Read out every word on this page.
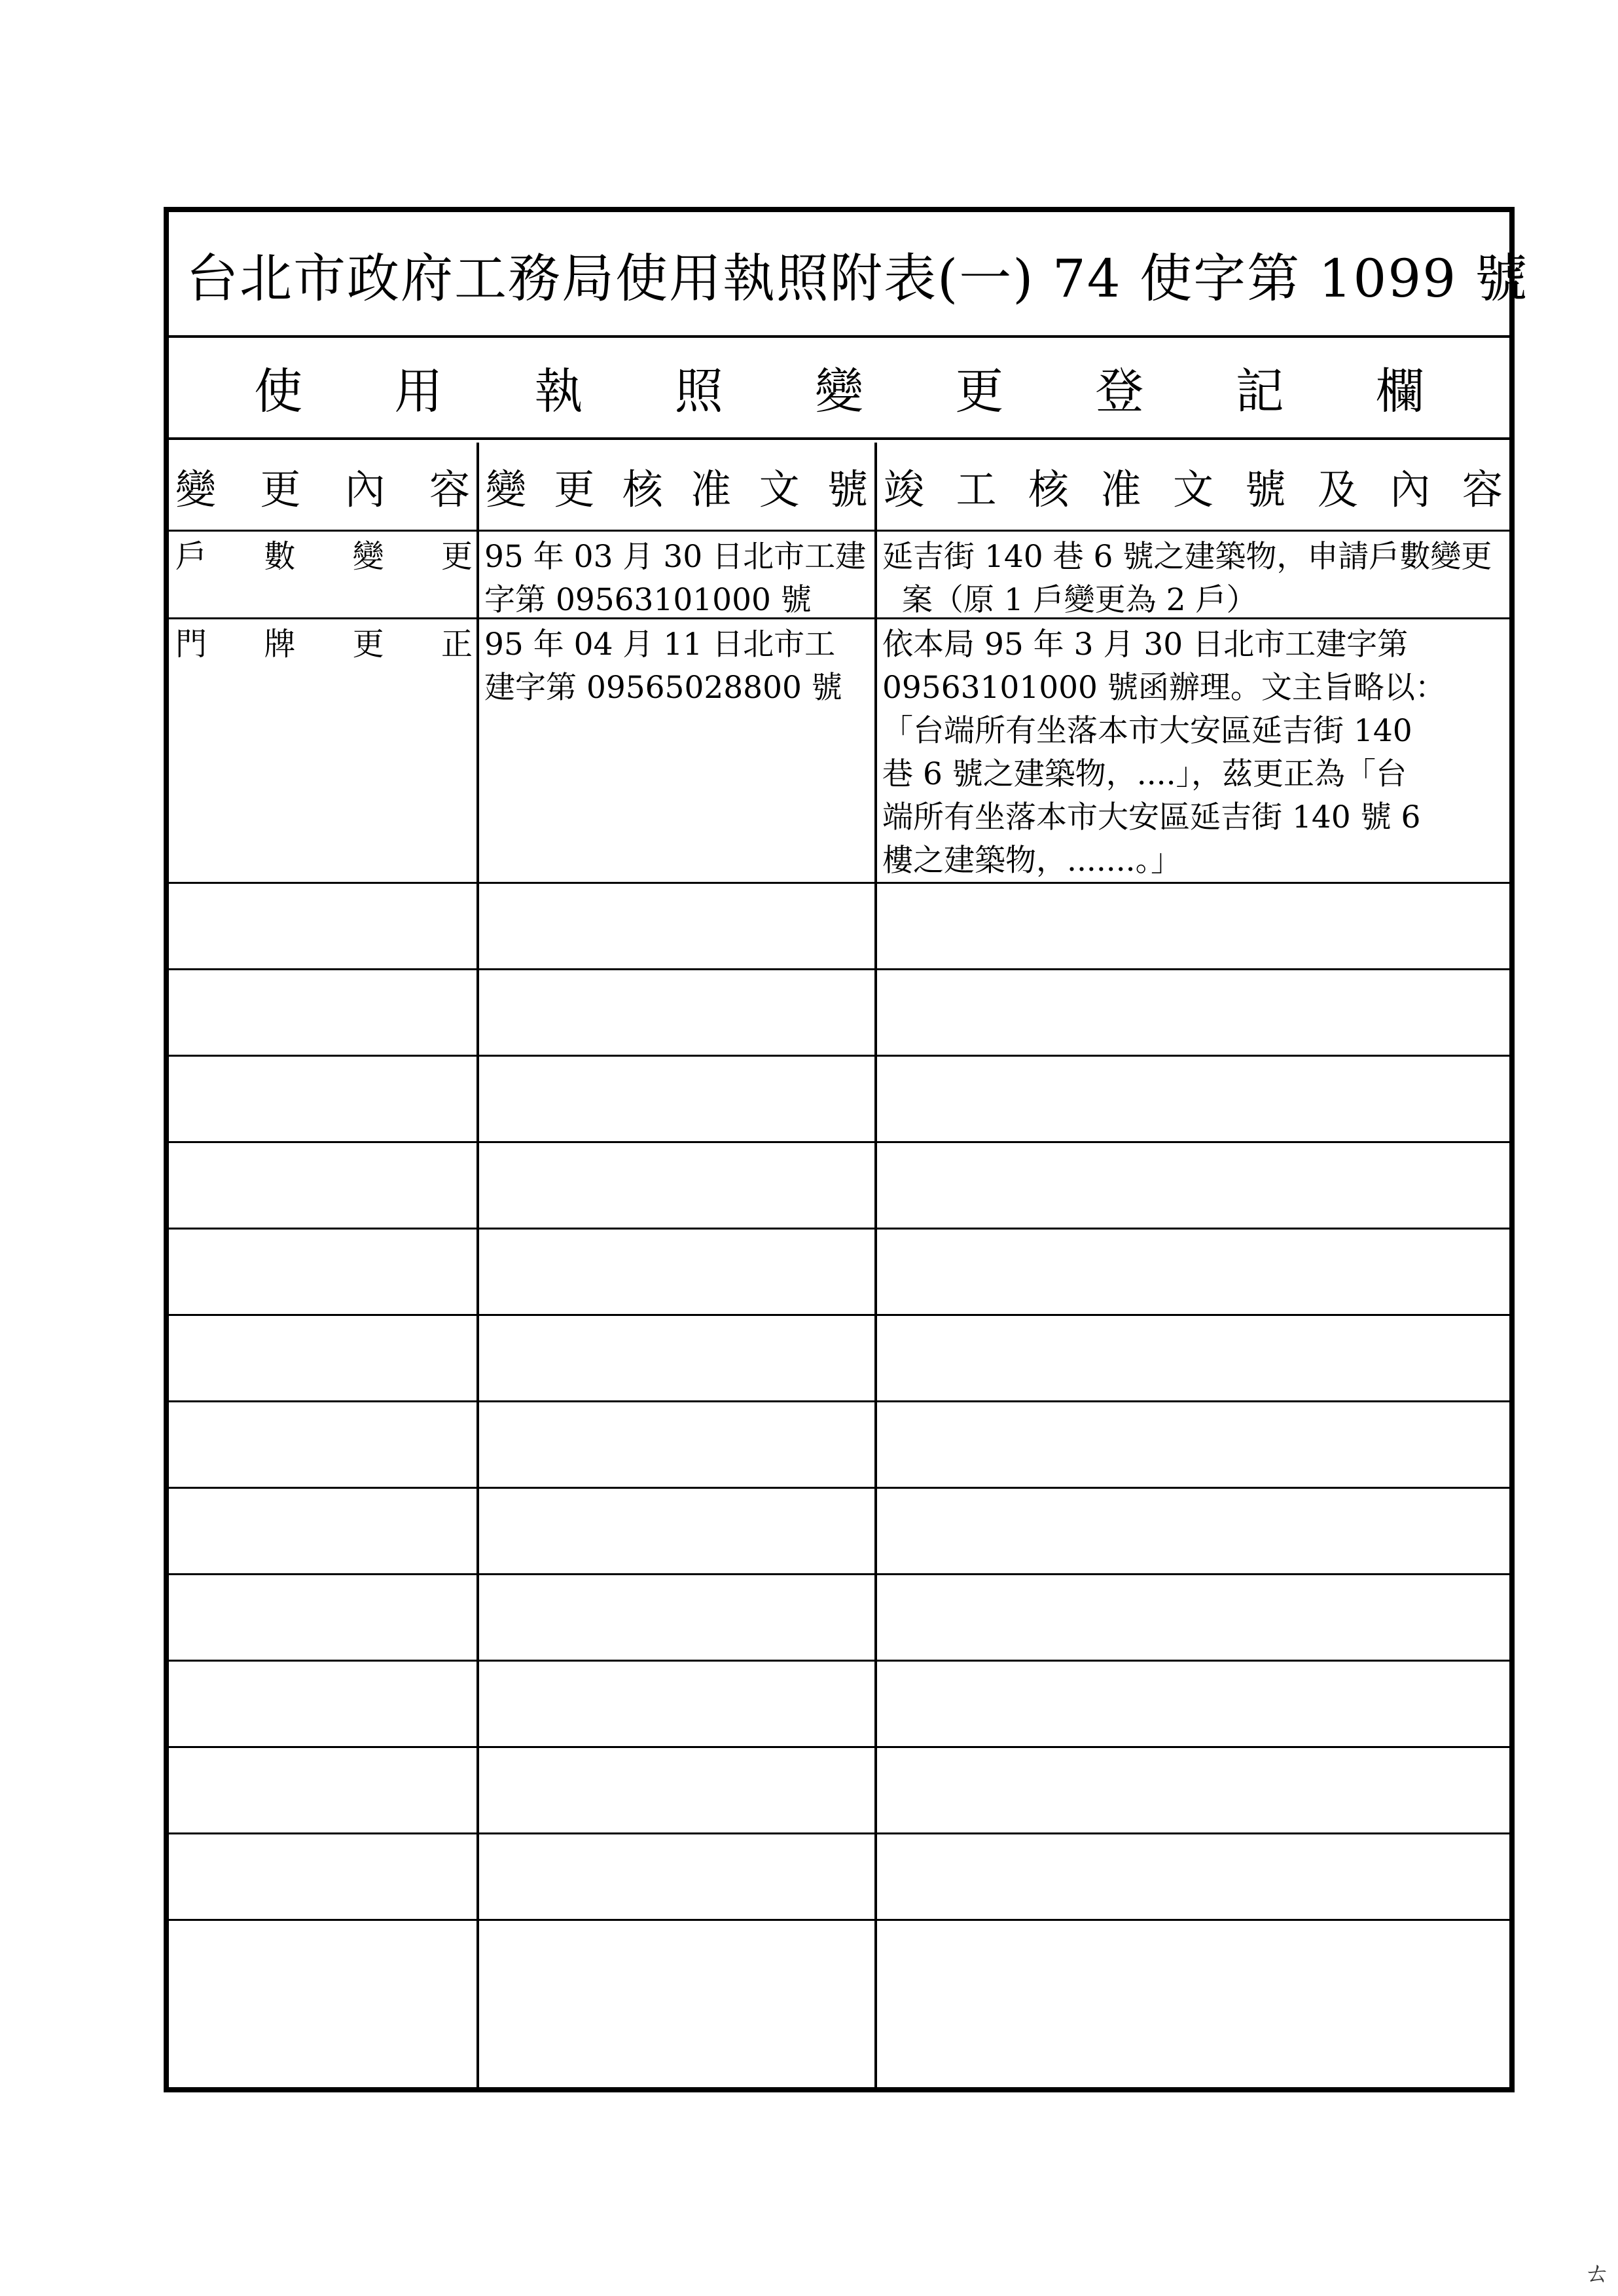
台北市政府工務局使用執照附表(一) 74 使字第 1099 號
使 用 執 照 變 更 登 記 欄
變 更 內 容 變 更 核 准 文 號 竣 工 核 准 文 號 及 內 容
戶 數 變 更 95 年 03 月 30 日北市工建
字第 09563101000 號
延吉街 140 巷 6 號之建築物，申請戶數變更
案（原 1 戶變更為 2 戶）
門 牌 更 正 95 年 04 月 11 日北市工
建字第 09565028800 號
依本局 95 年 3 月 30 日北市工建字第
09563101000 號函辦理。文主旨略以：
「台端所有坐落本市大安區延吉街 140
巷 6 號之建築物，....」，茲更正為「台
端所有坐落本市大安區延吉街 140 號 6
樓之建築物，.......。」
ㄊ
